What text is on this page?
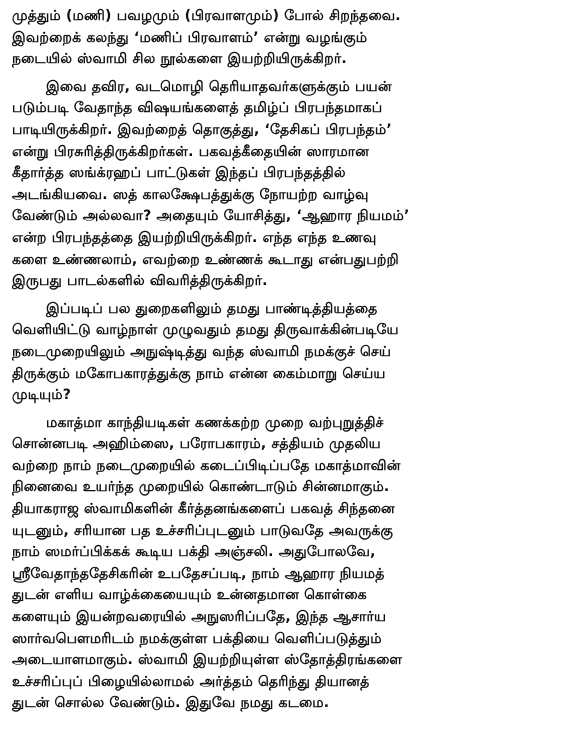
முத்தும் (மணி) பவழமும் (பிரவாளமும்) போல் சிறந்தவை.
இவற்றைக் கலந்து ‘மணிப் பிரவாளம்’ என்று வழங்கும்
நடையில் ஸ்வாமி சில நூல்களை இயற்றியிருக்கிறர்.
இவை தவிர, வடமொழி தெரியாதவர்களுக்கும் பயன்
படும்படி வேதாந்த விஷயங்களைத் தமிழ்ப் பிரபந்தமாகப்
பாடியிருக்கிறர். இவற்றைத் தொகுத்து, ‘தேசிகப் பிரபந்தம்’
என்று பிரசுரித்திருக்கிறர்கள். பகவத்கீதையின் ஸாரமான
கீதார்த்த ஸங்க்ரஹப் பாட்டுகள் இந்தப் பிரபந்தத்தில்
அடங்கியவை. ஸத் காலக்ஷேபத்துக்கு நோயற்ற வாழ்வு
வேண்டும் அல்லவா? அதையும் யோசித்து, ‘ஆஹார நியமம்’
என்ற பிரபந்தத்தை இயற்றியிருக்கிறர். எந்த எந்த உணவு
களை உண்ணலாம், எவற்றை உண்ணக் கூடாது என்பதுபற்றி
இருபது பாடல்களில் விவரித்திருக்கிறர்.
இப்படிப் பல துறைகளிலும் தமது பாண்டித்தியத்தை
வெளியிட்டு வாழ்நாள் முழுவதும் தமது திருவாக்கின்படியே
நடைமுறையிலும் அநுஷ்டித்து வந்த ஸ்வாமி நமக்குச் செய்
திருக்கும் மகோபகாரத்துக்கு நாம் என்ன கைம்மாறு செய்ய
முடியும்?
மகாத்மா காந்தியடிகள் கணக்கற்ற முறை வற்புறுத்திச்
சொன்னபடி அஹிம்ஸை, பரோபகாரம், சத்தியம் முதலிய
வற்றை நாம் நடைமுறையில் கடைப்பிடிப்பதே மகாத்மாவின்
நினைவை உயர்ந்த முறையில் கொண்டாடும் சின்னமாகும்.
தியாகராஜ ஸ்வாமிகளின் கீர்த்தனங்களைப் பகவத் சிந்தனை
யுடனும், சரியான பத உச்சரிப்புடனும் பாடுவதே அவருக்கு
நாம் ஸமர்ப்பிக்கக் கூடிய பக்தி அஞ்சலி. அதுபோலவே,
ஸ்ரீவேதாந்ததேசிகரின் உபதேசப்படி, நாம் ஆஹார நியமத்
துடன் எளிய வாழ்க்கையையும் உன்னதமான கொள்கை
களையும் இயன்றவரையில் அநுஸரிப்பதே, இந்த ஆசார்ய
ஸார்வபௌமரிடம் நமக்குள்ள பக்தியை வெளிப்படுத்தும்
அடையாளமாகும். ஸ்வாமி இயற்றியுள்ள ஸ்தோத்திரங்களை
உச்சரிப்புப் பிழையில்லாமல் அர்த்தம் தெரிந்து தியானத்
துடன் சொல்ல வேண்டும். இதுவே நமது கடமை.
